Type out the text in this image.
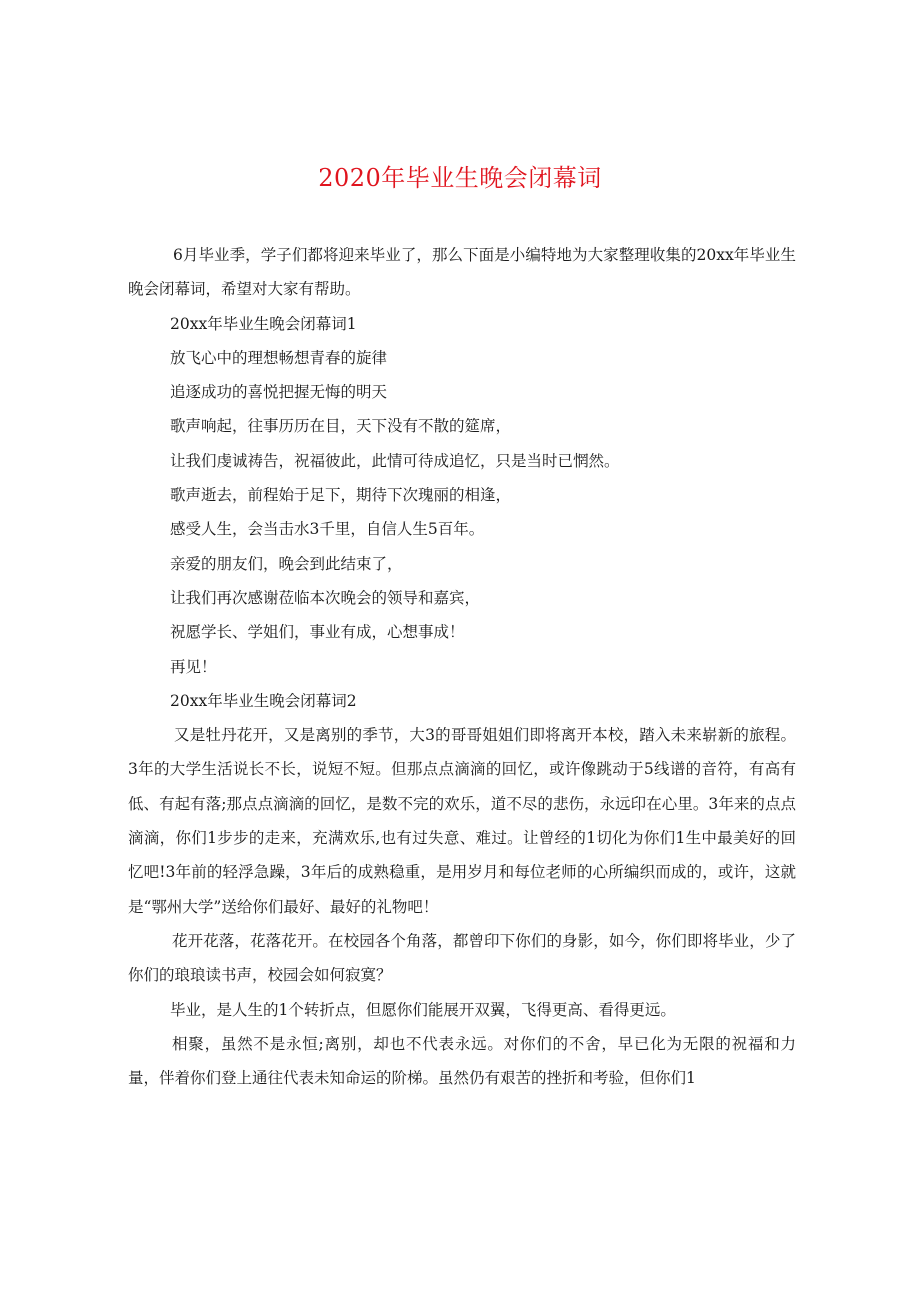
2020年毕业生晚会闭幕词

6月毕业季，学子们都将迎来毕业了，那么下面是小编特地为大家整理收集的20xx年毕业生晚会闭幕词，希望对大家有帮助。

20xx年毕业生晚会闭幕词1

放飞心中的理想畅想青春的旋律

追逐成功的喜悦把握无悔的明天

歌声响起，往事历历在目，天下没有不散的筵席，

让我们虔诚祷告，祝福彼此，此情可待成追忆，只是当时已惘然。

歌声逝去，前程始于足下，期待下次瑰丽的相逢，

感受人生，会当击水3千里，自信人生5百年。

亲爱的朋友们，晚会到此结束了，

让我们再次感谢莅临本次晚会的领导和嘉宾，

祝愿学长、学姐们，事业有成，心想事成！

再见！

20xx年毕业生晚会闭幕词2

又是牡丹花开，又是离别的季节，大3的哥哥姐姐们即将离开本校，踏入未来崭新的旅程。3年的大学生活说长不长，说短不短。但那点点滴滴的回忆，或许像跳动于5线谱的音符，有高有低、有起有落;那点点滴滴的回忆，是数不完的欢乐，道不尽的悲伤，永远印在心里。3年来的点点滴滴，你们1步步的走来，充满欢乐,也有过失意、难过。让曾经的1切化为你们1生中最美好的回忆吧!3年前的轻浮急躁，3年后的成熟稳重，是用岁月和每位老师的心所编织而成的，或许，这就是“鄂州大学”送给你们最好、最好的礼物吧！

花开花落，花落花开。在校园各个角落，都曾印下你们的身影，如今，你们即将毕业，少了你们的琅琅读书声，校园会如何寂寞？

毕业，是人生的1个转折点，但愿你们能展开双翼，飞得更高、看得更远。

相聚，虽然不是永恒;离别，却也不代表永远。对你们的不舍，早已化为无限的祝福和力量，伴着你们登上通往代表未知命运的阶梯。虽然仍有艰苦的挫折和考验，但你们1
